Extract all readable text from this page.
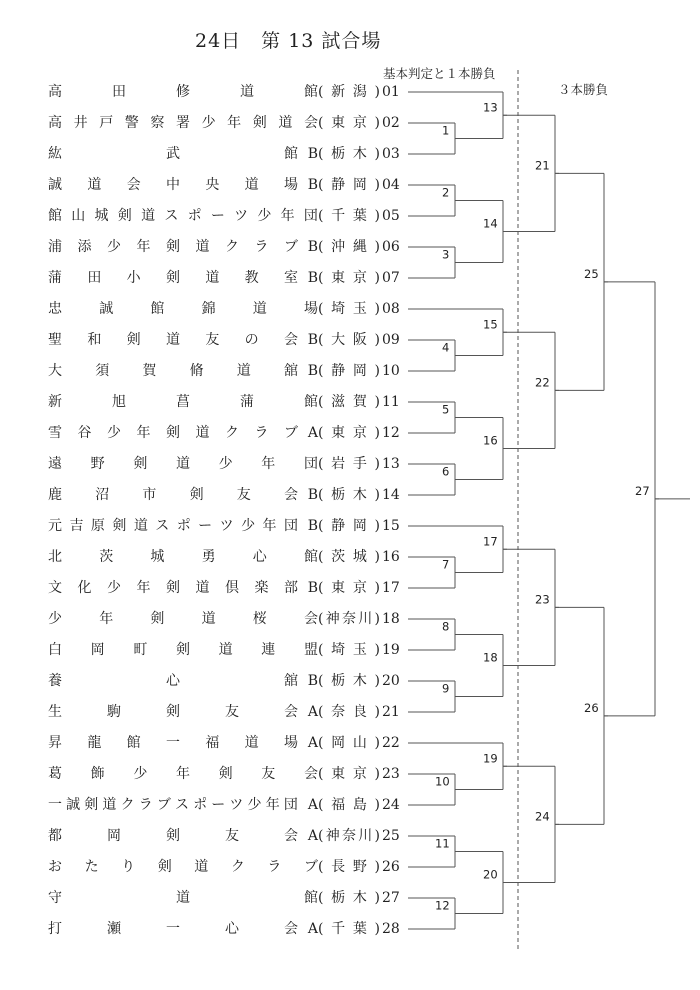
24日　第 13 試合場
基本判定と１本勝負
３本勝負
高	田	修	道	館 ( 新 潟 ) 01
高 井 戸 警 察 署 少 年 剣 道 会 ( 東 京 ) 02
紘	武	館 B ( 栃 木 ) 03
誠 道 会 中 央 道 場 B ( 静 岡 ) 04
館 山 城 剣 道 ス ポ ー ツ 少 年 団 ( 千 葉 ) 05
浦 添 少 年 剣 道 ク ラ ブ B ( 沖 縄 ) 06
蒲 田 小 剣 道 教 室 B ( 東 京 ) 07
忠	誠	館	錦	道	場 ( 埼 玉 ) 08
聖 和 剣 道 友 の 会 B ( 大 阪 ) 09
大 須 賀 脩 道 舘 B ( 静 岡 ) 10
新	旭	菖	蒲	館 ( 滋 賀 ) 11
雪 谷 少 年 剣 道 ク ラ ブ A ( 東 京 ) 12
遠 野 剣 道 少 年 団 ( 岩 手 ) 13
鹿 沼 市 剣 友 会 B ( 栃 木 ) 14
元 吉 原 剣 道 ス ポ ー ツ 少 年 団 B ( 静 岡 ) 15
北	茨	城	勇	心	館 ( 茨 城 ) 16
文 化 少 年 剣 道 倶 楽 部 B ( 東 京 ) 17
少	年	剣	道	桜	会 ( 神 奈 川 ) 18
白 岡 町 剣 道 連 盟 ( 埼 玉 ) 19
養	心	舘 B ( 栃 木 ) 20
生	駒	剣	友	会 A ( 奈 良 ) 21
昇 龍 館 一 福 道 場 A ( 岡 山 ) 22
葛 飾 少 年 剣 友 会 ( 東 京 ) 23
一 誠 剣 道 ク ラ ブ ス ポ ー ツ 少 年 団 A ( 福 島 ) 24
都	岡	剣	友	会 A ( 神 奈 川 ) 25
お た り 剣 道 ク ラ ブ ( 長 野 ) 26
守	道	館 ( 栃 木 ) 27
打	瀬	一	心	会 A ( 千 葉 ) 28
1
2
3
4
5
6
7
8
9
10
11
12
13
14
15
16
17
18
19
20
21
22
23
24
25
26
27
